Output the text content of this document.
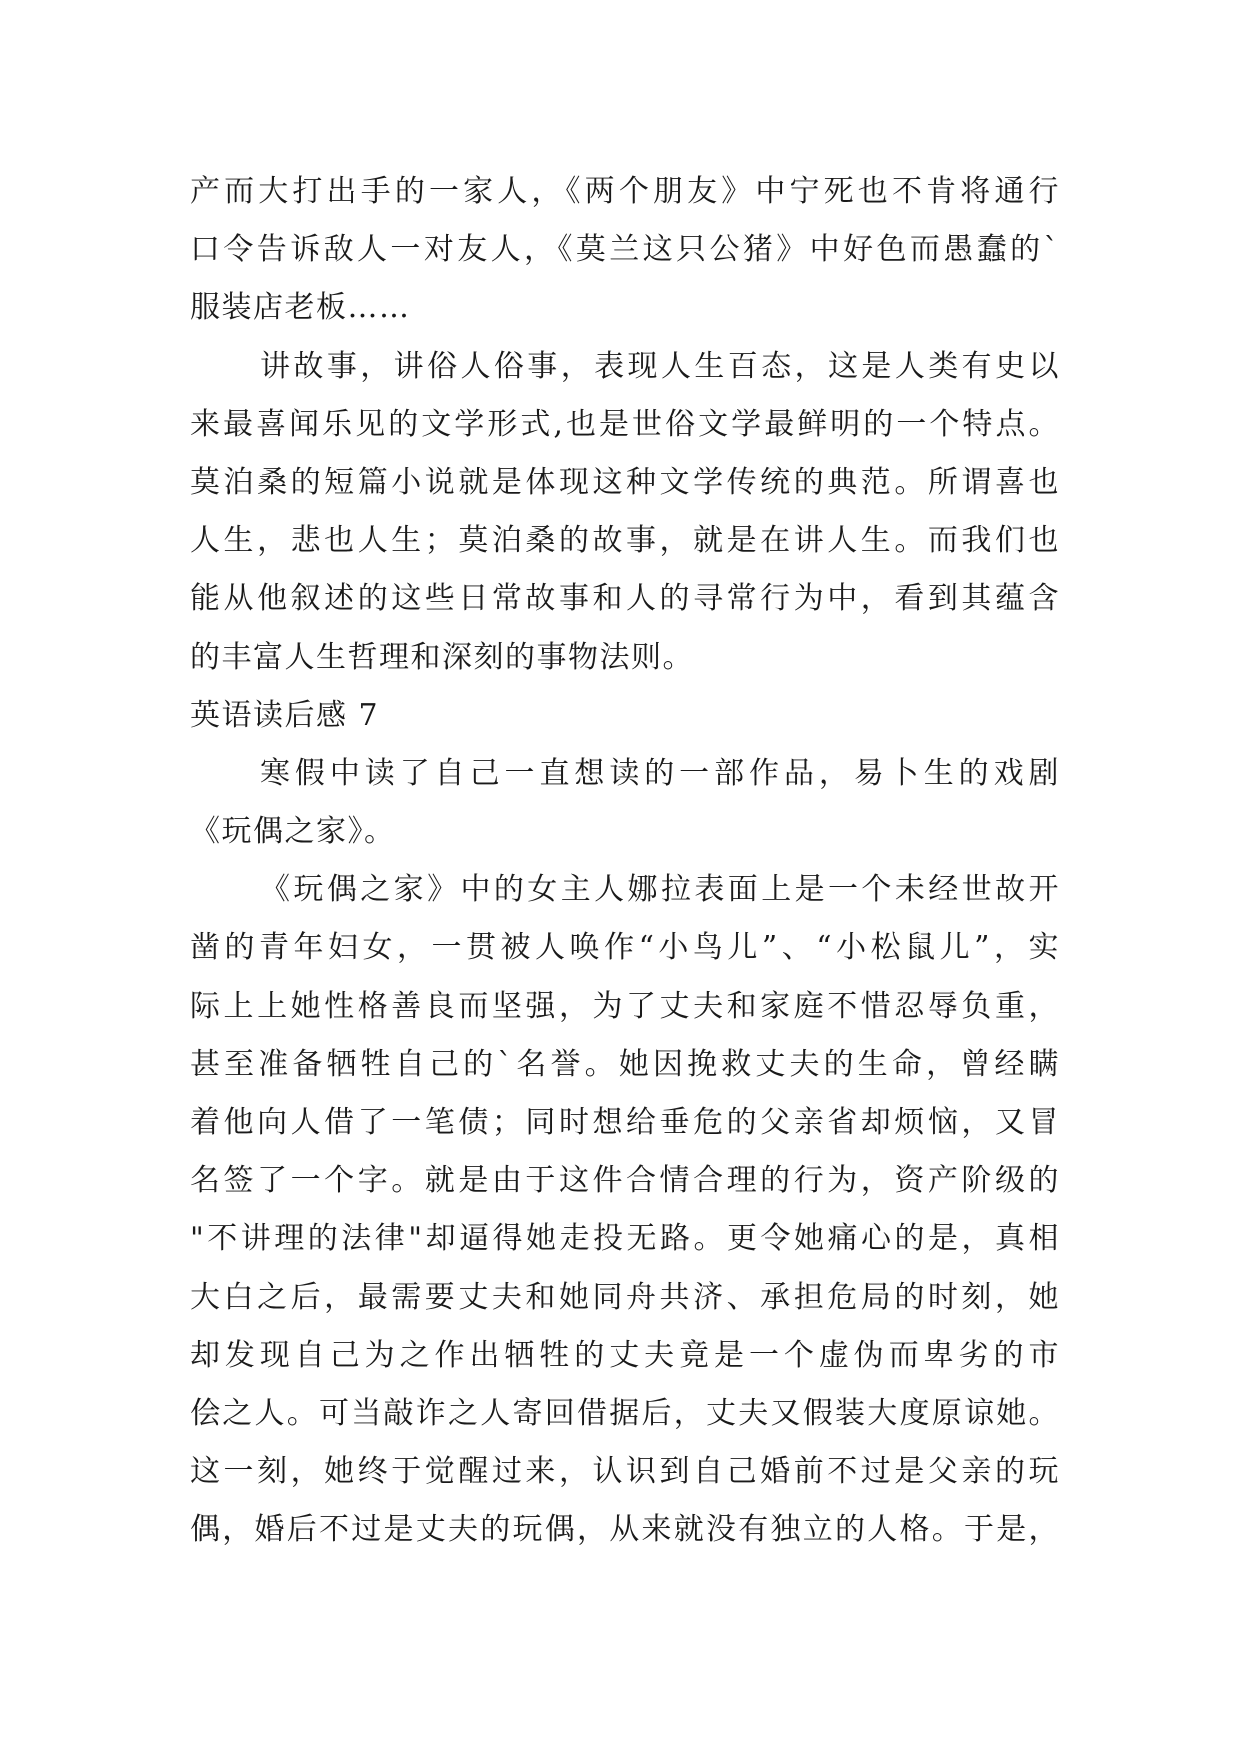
产而大打出手的一家人，《两个朋友》中宁死也不肯将通行
口令告诉敌人一对友人，《莫兰这只公猪》中好色而愚蠢的`
服装店老板……
讲故事，讲俗人俗事，表现人生百态，这是人类有史以
来最喜闻乐见的文学形式,也是世俗文学最鲜明的一个特点。
莫泊桑的短篇小说就是体现这种文学传统的典范。所谓喜也
人生，悲也人生；莫泊桑的故事，就是在讲人生。而我们也
能从他叙述的这些日常故事和人的寻常行为中，看到其蕴含
的丰富人生哲理和深刻的事物法则。
英语读后感 7
寒假中读了自己一直想读的一部作品，易卜生的戏剧
《玩偶之家》。
《玩偶之家》中的女主人娜拉表面上是一个未经世故开
凿的青年妇女，一贯被人唤作“小鸟儿”、“小松鼠儿”，实
际上上她性格善良而坚强，为了丈夫和家庭不惜忍辱负重，
甚至准备牺牲自己的`名誉。她因挽救丈夫的生命，曾经瞒
着他向人借了一笔债；同时想给垂危的父亲省却烦恼，又冒
名签了一个字。就是由于这件合情合理的行为，资产阶级的
"不讲理的法律"却逼得她走投无路。更令她痛心的是，真相
大白之后，最需要丈夫和她同舟共济、承担危局的时刻，她
却发现自己为之作出牺牲的丈夫竟是一个虚伪而卑劣的市
侩之人。可当敲诈之人寄回借据后，丈夫又假装大度原谅她。
这一刻，她终于觉醒过来，认识到自己婚前不过是父亲的玩
偶，婚后不过是丈夫的玩偶，从来就没有独立的人格。于是，
